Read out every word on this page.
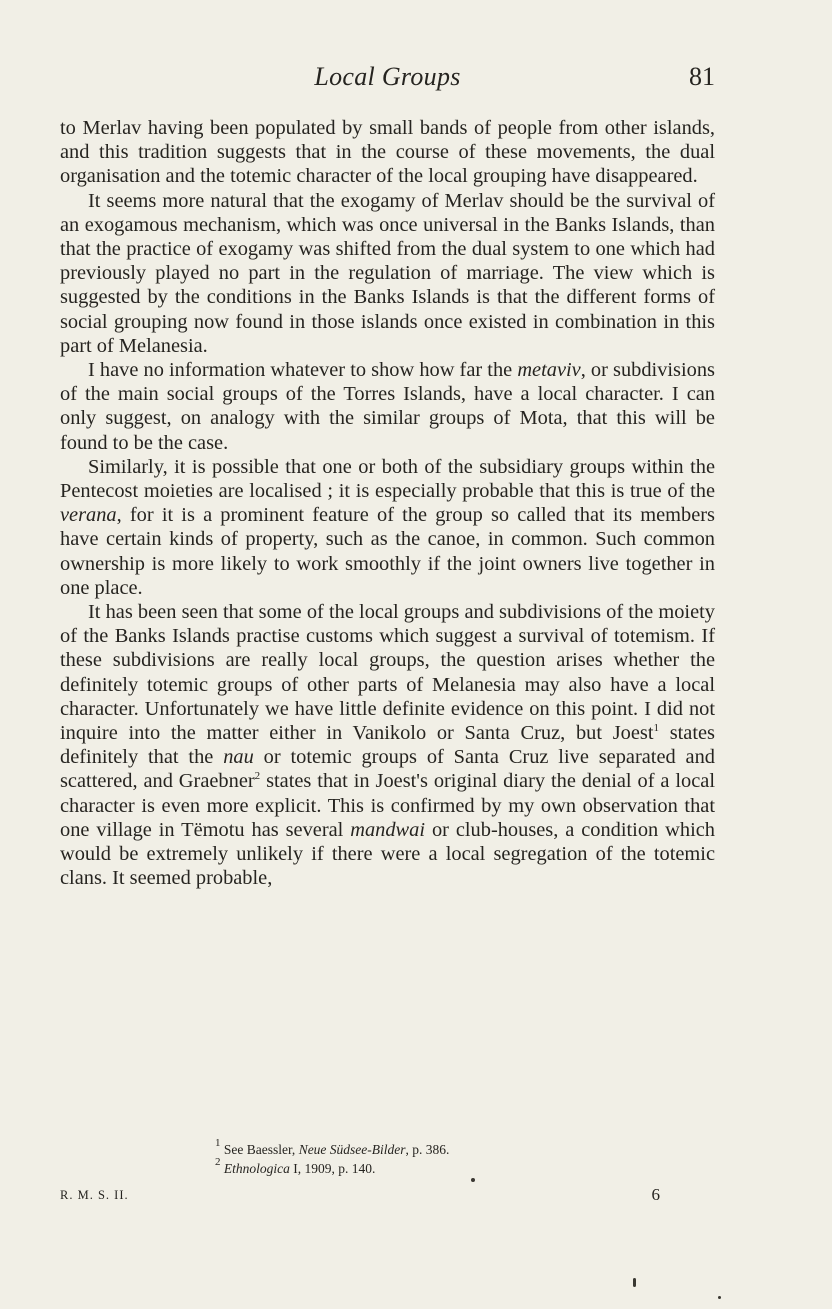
Local Groups	81

to Merlav having been populated by small bands of people from other islands, and this tradition suggests that in the course of these movements, the dual organisation and the totemic character of the local grouping have disappeared.

It seems more natural that the exogamy of Merlav should be the survival of an exogamous mechanism, which was once universal in the Banks Islands, than that the practice of exogamy was shifted from the dual system to one which had previously played no part in the regulation of marriage. The view which is suggested by the conditions in the Banks Islands is that the different forms of social grouping now found in those islands once existed in combination in this part of Melanesia.

I have no information whatever to show how far the metaviv, or subdivisions of the main social groups of the Torres Islands, have a local character. I can only suggest, on analogy with the similar groups of Mota, that this will be found to be the case.

Similarly, it is possible that one or both of the subsidiary groups within the Pentecost moieties are localised ; it is especially probable that this is true of the verana, for it is a prominent feature of the group so called that its members have certain kinds of property, such as the canoe, in common. Such common ownership is more likely to work smoothly if the joint owners live together in one place.

It has been seen that some of the local groups and subdivisions of the moiety of the Banks Islands practise customs which suggest a survival of totemism. If these subdivisions are really local groups, the question arises whether the definitely totemic groups of other parts of Melanesia may also have a local character. Unfortunately we have little definite evidence on this point. I did not inquire into the matter either in Vanikolo or Santa Cruz, but Joest$^1$ states definitely that the nau or totemic groups of Santa Cruz live separated and scattered, and Graebner$^2$ states that in Joest's original diary the denial of a local character is even more explicit. This is confirmed by my own observation that one village in Tëmotu has several mandwai or club-houses, a condition which would be extremely unlikely if there were a local segregation of the totemic clans. It seemed probable,

$^1$ See Baessler, Neue Südsee-Bilder, p. 386.
$^2$ Ethnologica I, 1909, p. 140.
R. M. S. II.	6
